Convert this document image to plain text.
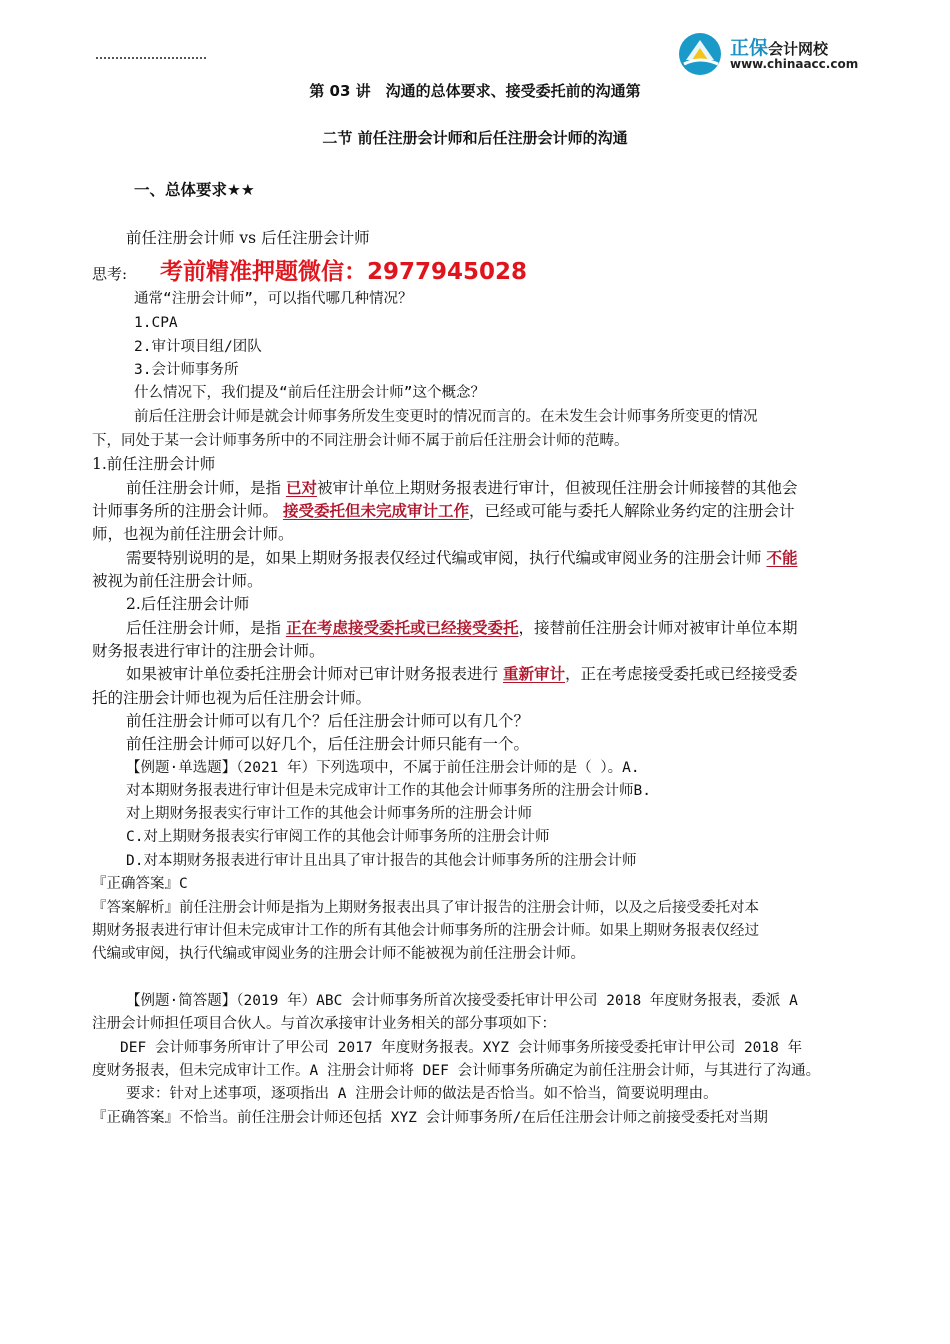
正保会计网校
www.chinaacc.com
第 03 讲　沟通的总体要求、接受委托前的沟通第
二节 前任注册会计师和后任注册会计师的沟通
一、总体要求★★
前任注册会计师 vs 后任注册会计师
思考: 考前精准押题微信：2977945028
通常“注册会计师”，可以指代哪几种情况？
1.CPA
2.审计项目组/团队
3.会计师事务所
什么情况下，我们提及“前后任注册会计师”这个概念？
前后任注册会计师是就会计师事务所发生变更时的情况而言的。在未发生会计师事务所变更的情况
下，同处于某一会计师事务所中的不同注册会计师不属于前后任注册会计师的范畴。
1.前任注册会计师
前任注册会计师，是指 已对被审计单位上期财务报表进行审计，但被现任注册会计师接替的其他会
计师事务所的注册会计师。 接受委托但未完成审计工作，已经或可能与委托人解除业务约定的注册会计
师，也视为前任注册会计师。
需要特别说明的是，如果上期财务报表仅经过代编或审阅，执行代编或审阅业务的注册会计师 不能
被视为前任注册会计师。
2.后任注册会计师
后任注册会计师，是指 正在考虑接受委托或已经接受委托，接替前任注册会计师对被审计单位本期
财务报表进行审计的注册会计师。
如果被审计单位委托注册会计师对已审计财务报表进行 重新审计，正在考虑接受委托或已经接受委
托的注册会计师也视为后任注册会计师。
前任注册会计师可以有几个？后任注册会计师可以有几个？
前任注册会计师可以好几个，后任注册会计师只能有一个。
【例题·单选题】（2021 年）下列选项中，不属于前任注册会计师的是（ ）。A.
对本期财务报表进行审计但是未完成审计工作的其他会计师事务所的注册会计师B.
对上期财务报表实行审计工作的其他会计师事务所的注册会计师
C.对上期财务报表实行审阅工作的其他会计师事务所的注册会计师
D.对本期财务报表进行审计且出具了审计报告的其他会计师事务所的注册会计师
『正确答案』C
『答案解析』前任注册会计师是指为上期财务报表出具了审计报告的注册会计师，以及之后接受委托对本
期财务报表进行审计但未完成审计工作的所有其他会计师事务所的注册会计师。如果上期财务报表仅经过
代编或审阅，执行代编或审阅业务的注册会计师不能被视为前任注册会计师。
【例题·简答题】（2019 年）ABC 会计师事务所首次接受委托审计甲公司 2018 年度财务报表，委派 A
注册会计师担任项目合伙人。与首次承接审计业务相关的部分事项如下：
DEF 会计师事务所审计了甲公司 2017 年度财务报表。XYZ 会计师事务所接受委托审计甲公司 2018 年
度财务报表，但未完成审计工作。A 注册会计师将 DEF 会计师事务所确定为前任注册会计师，与其进行了沟通。
要求：针对上述事项，逐项指出 A 注册会计师的做法是否恰当。如不恰当，简要说明理由。
『正确答案』不恰当。前任注册会计师还包括 XYZ 会计师事务所/在后任注册会计师之前接受委托对当期
